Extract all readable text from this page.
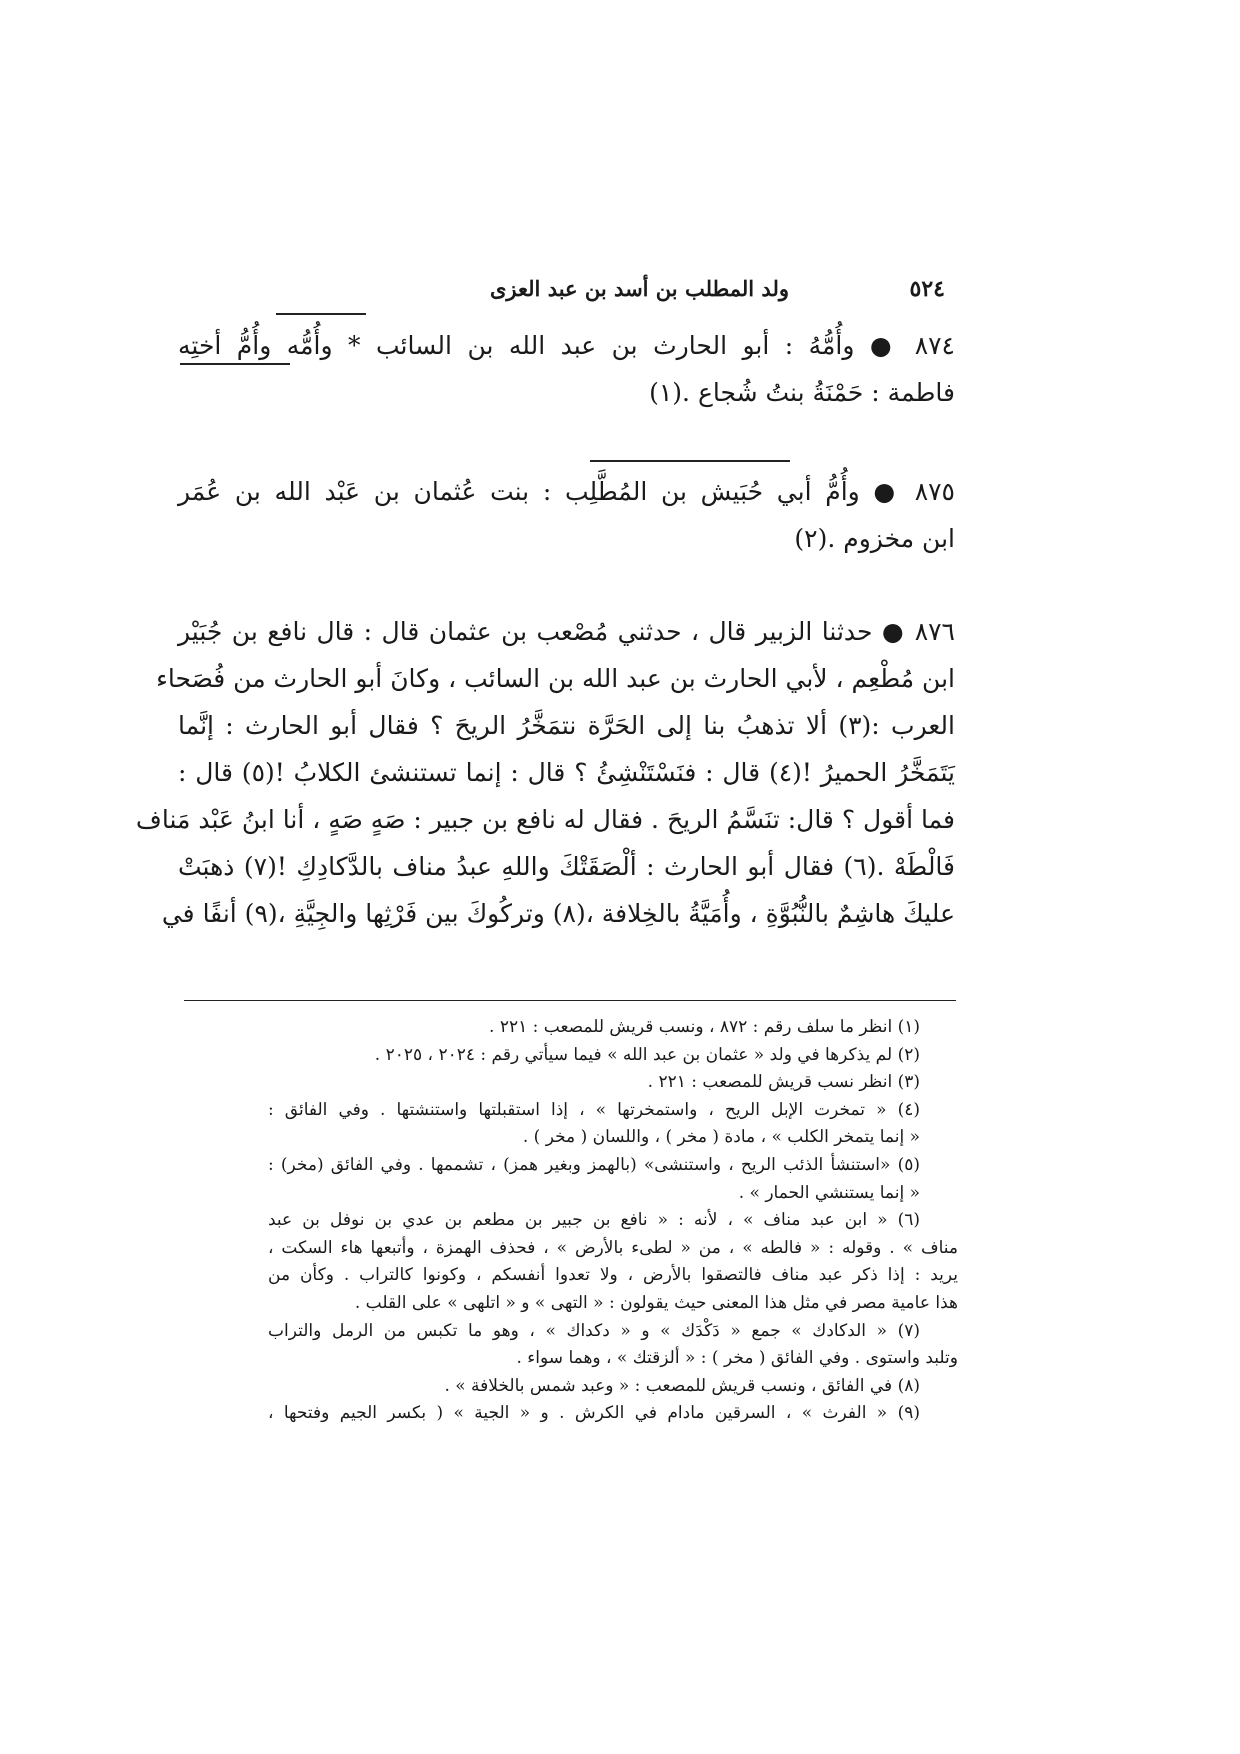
٥٢٤
ولد المطلب بن أسد بن عبد العزى

٨٧٤ ● وأُمُّهُ : أبو الحارث بن عبد الله بن السائب * وأُمُّه وأُمُّ أختِه

فاطمة : حَمْنَةُ بنتُ شُجاع .(١)

٨٧٥ ● وأُمُّ أبي حُبَيش بن المُطَّلِب : بنت عُثمان بن عَبْد الله بن عُمَر

ابن مخزوم .(٢)

٨٧٦ ● حدثنا الزبير قال ، حدثني مُصْعب بن عثمان قال : قال نافع بن جُبَيْر

ابن مُطْعِم ، لأبي الحارث بن عبد الله بن السائب ، وكانَ أبو الحارث من فُصَحاء

العرب :(٣) ألا تذهبُ بنا إلى الحَرَّة نتمَخَّرُ الريحَ ؟ فقال أبو الحارث : إنَّما

يَتَمَخَّرُ الحميرُ !(٤) قال : فنَسْتَنْشِئُ ؟ قال : إنما تستنشئ الكلابُ !(٥) قال :

فما أقول ؟ قال: تنَسَّمُ الريحَ . فقال له نافع بن جبير : صَهٍ صَهٍ ، أنا ابنُ عَبْد مَناف

فَالْطَهْ .(٦) فقال أبو الحارث : ألْصَقَتْكَ واللهِ عبدُ مناف بالدَّكادِكِ !(٧) ذهبَتْ

عليكَ هاشِمٌ بالنُّبُوَّةِ ، وأُمَيَّةُ بالخِلافة ،(٨) وتركُوكَ بين فَرْثِها والجِيَّةِ ،(٩) أنفًا في

(١) انظر ما سلف رقم : ٨٧٢ ، ونسب قريش للمصعب : ٢٢١ .

(٢) لم يذكرها في ولد « عثمان بن عبد الله » فيما سيأتي رقم : ٢٠٢٤ ، ٢٠٢٥ .

(٣) انظر نسب قريش للمصعب : ٢٢١ .

(٤) « تمخرت الإبل الريح ، واستمخرتها » ، إذا استقبلتها واستنشتها . وفي الفائق :

« إنما يتمخر الكلب » ، مادة ( مخر ) ، واللسان ( مخر ) .

(٥) «استنشأ الذئب الريح ، واستنشى» (بالهمز وبغير همز) ، تشممها . وفي الفائق (مخر) :

« إنما يستنشي الحمار » .

(٦) « ابن عبد مناف » ، لأنه : « نافع بن جبير بن مطعم بن عدي بن نوفل بن عبد

مناف » . وقوله : « فالطه » ، من « لطىء بالأرض » ، فحذف الهمزة ، وأتبعها هاء السكت ،

يريد : إذا ذكر عبد مناف فالتصقوا بالأرض ، ولا تعدوا أنفسكم ، وكونوا كالتراب . وكأن من

هذا عامية مصر في مثل هذا المعنى حيث يقولون : « التهى » و « اتلهى » على القلب .

(٧) « الدكادك » جمع « دَكْدَك » و « دكداك » ، وهو ما تكبس من الرمل والتراب

وتلبد واستوى . وفي الفائق ( مخر ) : « ألزقتك » ، وهما سواء .

(٨) في الفائق ، ونسب قريش للمصعب : « وعبد شمس بالخلافة » .

(٩) « الفرث » ، السرقين مادام في الكرش . و « الجية » ( بكسر الجيم وفتحها ،
